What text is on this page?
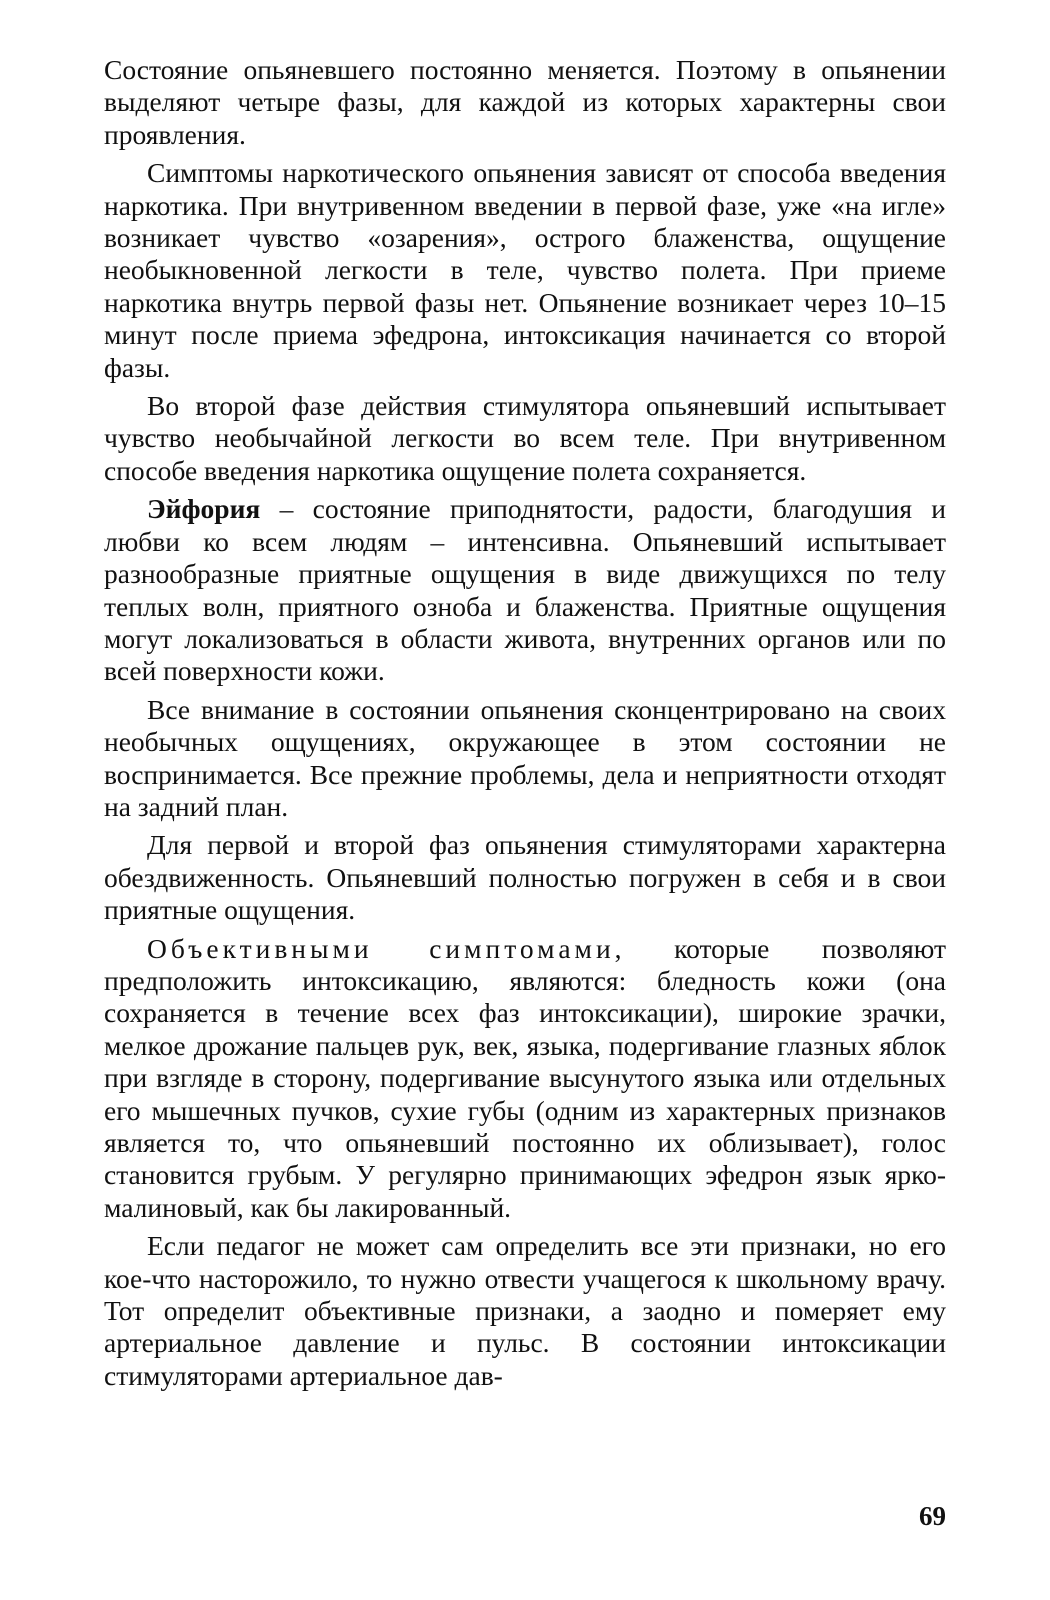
Состояние опьяневшего постоянно меняется. Поэтому в опьянении выделяют четыре фазы, для каждой из которых характерны свои проявления.

Симптомы наркотического опьянения зависят от способа введения наркотика. При внутривенном введении в первой фазе, уже «на игле» возникает чувство «озарения», острого блаженства, ощущение необыкновенной легкости в теле, чувство полета. При приеме наркотика внутрь первой фазы нет. Опьянение возникает через 10–15 минут после приема эфедрона, интоксикация начинается со второй фазы.

Во второй фазе действия стимулятора опьяневший испытывает чувство необычайной легкости во всем теле. При внутривенном способе введения наркотика ощущение полета сохраняется.

Эйфория – состояние приподнятости, радости, благодушия и любви ко всем людям – интенсивна. Опьяневший испытывает разнообразные приятные ощущения в виде движущихся по телу теплых волн, приятного озноба и блаженства. Приятные ощущения могут локализоваться в области живота, внутренних органов или по всей поверхности кожи.

Все внимание в состоянии опьянения сконцентрировано на своих необычных ощущениях, окружающее в этом состоянии не воспринимается. Все прежние проблемы, дела и неприятности отходят на задний план.

Для первой и второй фаз опьянения стимуляторами характерна обездвиженность. Опьяневший полностью погружен в себя и в свои приятные ощущения.

Объективными симптомами, которые позволяют предположить интоксикацию, являются: бледность кожи (она сохраняется в течение всех фаз интоксикации), широкие зрачки, мелкое дрожание пальцев рук, век, языка, подергивание глазных яблок при взгляде в сторону, подергивание высунутого языка или отдельных его мышечных пучков, сухие губы (одним из характерных признаков является то, что опьяневший постоянно их облизывает), голос становится грубым. У регулярно принимающих эфедрон язык ярко-малиновый, как бы лакированный.

Если педагог не может сам определить все эти признаки, но его кое-что насторожило, то нужно отвести учащегося к школьному врачу. Тот определит объективные признаки, а заодно и померяет ему артериальное давление и пульс. В состоянии интоксикации стимуляторами артериальное дав-

69
